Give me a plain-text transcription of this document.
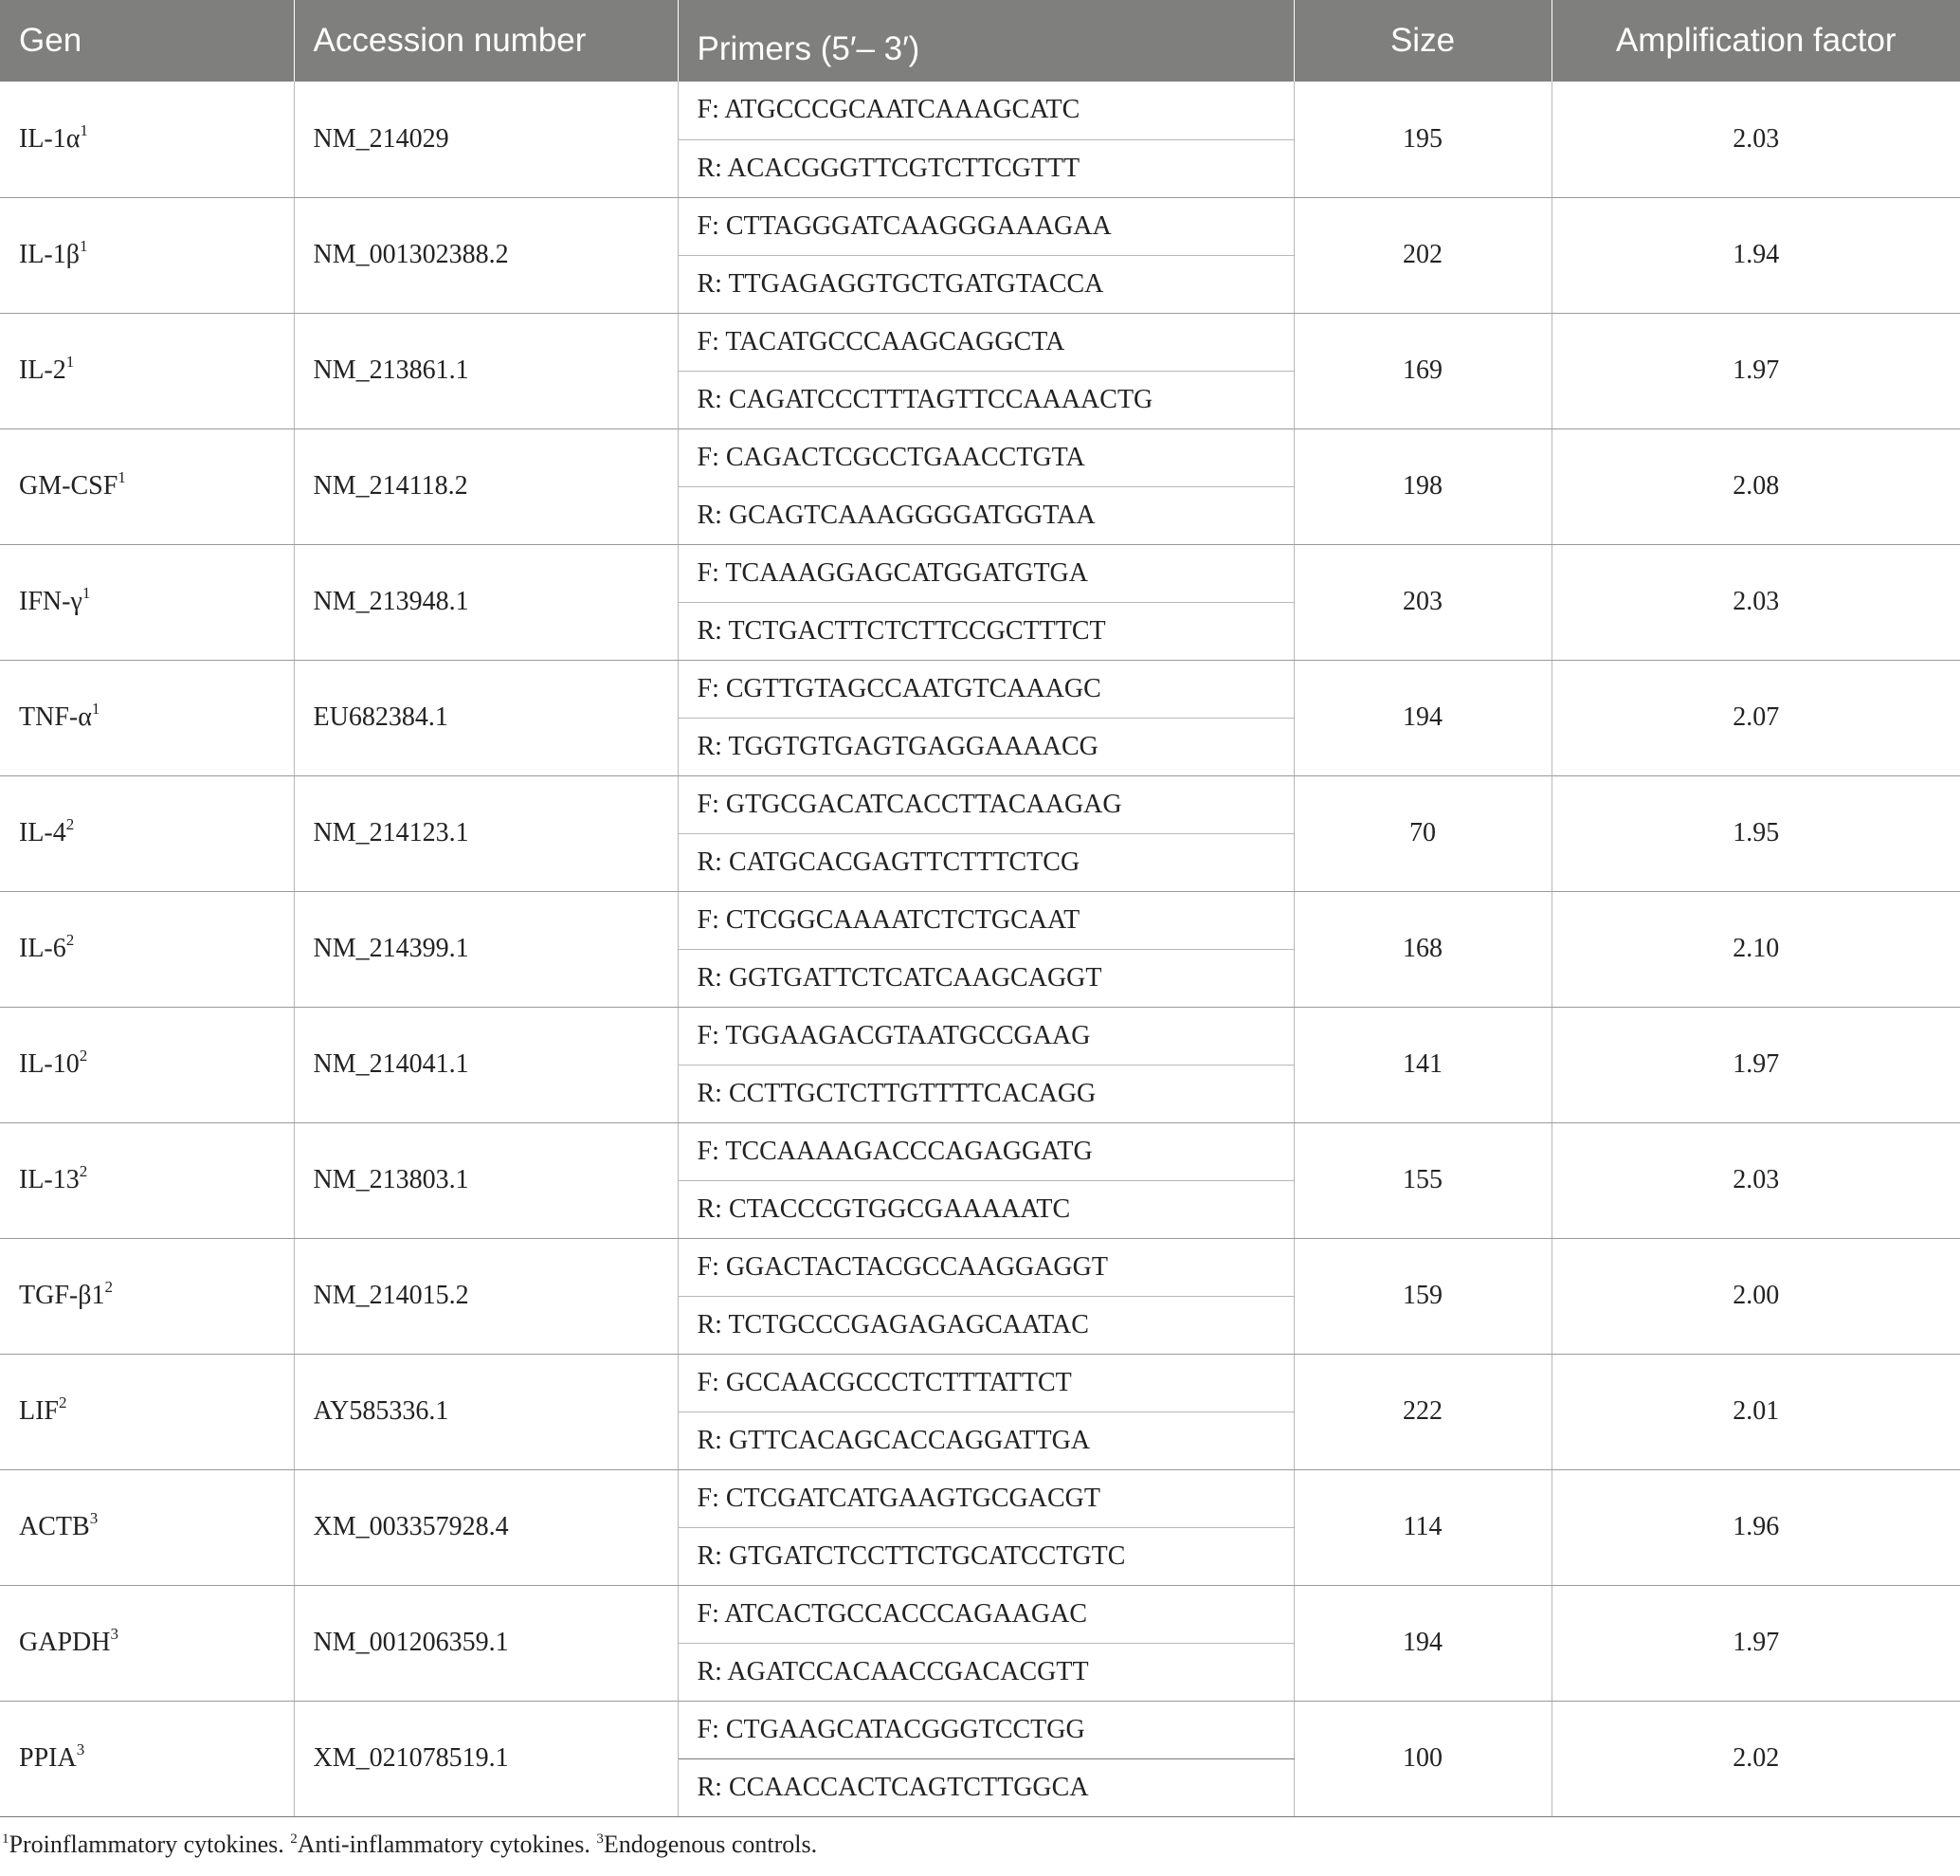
Gen	Accession number	Primers (5′– 3′)	Size	Amplification factor
$IL-1\alpha^1$	NM_214029	F: ATGCCCGCAATCAAAGCATC	195	2.03
		R: ACACGGGTTCGTCTTCGTTT		
$IL-1\beta^1$	NM_001302388.2	F: CTTAGGGATCAAGGGAAAGAA	202	1.94
		R: TTGAGAGGTGCTGATGTACCA		
$IL-2^1$	NM_213861.1	F: TACATGCCCAAGCAGGCTA	169	1.97
		R: CAGATCCCTTTAGTTCCAAAACTG		
GM-CSF$^1$	NM_214118.2	F: CAGACTCGCCTGAACCTGTA	198	2.08
		R: GCAGTCAAAGGGGATGGTAA		
IFN-$\gamma^1$	NM_213948.1	F: TCAAAGGAGCATGGATGTGA	203	2.03
		R: TCTGACTTCTCTTCCGCTTTCT		
TNF-$\alpha^1$	EU682384.1	F: CGTTGTAGCCAATGTCAAAGC	194	2.07
		R: TGGTGTGAGTGAGGAAAACG		
$IL-4^2$	NM_214123.1	F: GTGCGACATCACCTTACAAGAG	70	1.95
		R: CATGCACGAGTTCTTTCTCG		
$IL-6^2$	NM_214399.1	F: CTCGGCAAAATCTCTGCAAT	168	2.10
		R: GGTGATTCTCATCAAGCAGGT		
$IL-10^2$	NM_214041.1	F: TGGAAGACGTAATGCCGAAG	141	1.97
		R: CCTTGCTCTTGTTTTCACAGG		
$IL-13^2$	NM_213803.1	F: TCCAAAAGACCCAGAGGATG	155	2.03
		R: CTACCCGTGGCGAAAAATC		
TGF-$\beta 1^2$	NM_214015.2	F: GGACTACTACGCCAAGGAGGT	159	2.00
		R: TCTGCCCGAGAGAGCAATAC		
LIF$^2$	AY585336.1	F: GCCAACGCCCTCTTTATTCT	222	2.01
		R: GTTCACAGCACCAGGATTGA		
ACTB$^3$	XM_003357928.4	F: CTCGATCATGAAGTGCGACGT	114	1.96
		R: GTGATCTCCTTCTGCATCCTGTC		
GAPDH$^3$	NM_001206359.1	F: ATCACTGCCACCCAGAAGAC	194	1.97
		R: AGATCCACAACCGACACGTT		
PPIA$^3$	XM_021078519.1	F: CTGAAGCATACGGGTCCTGG	100	2.02
		R: CCAACCACTCAGTCTTGGCA		
$^1$Proinflammatory cytokines. $^2$Anti-inflammatory cytokines. $^3$Endogenous controls.
